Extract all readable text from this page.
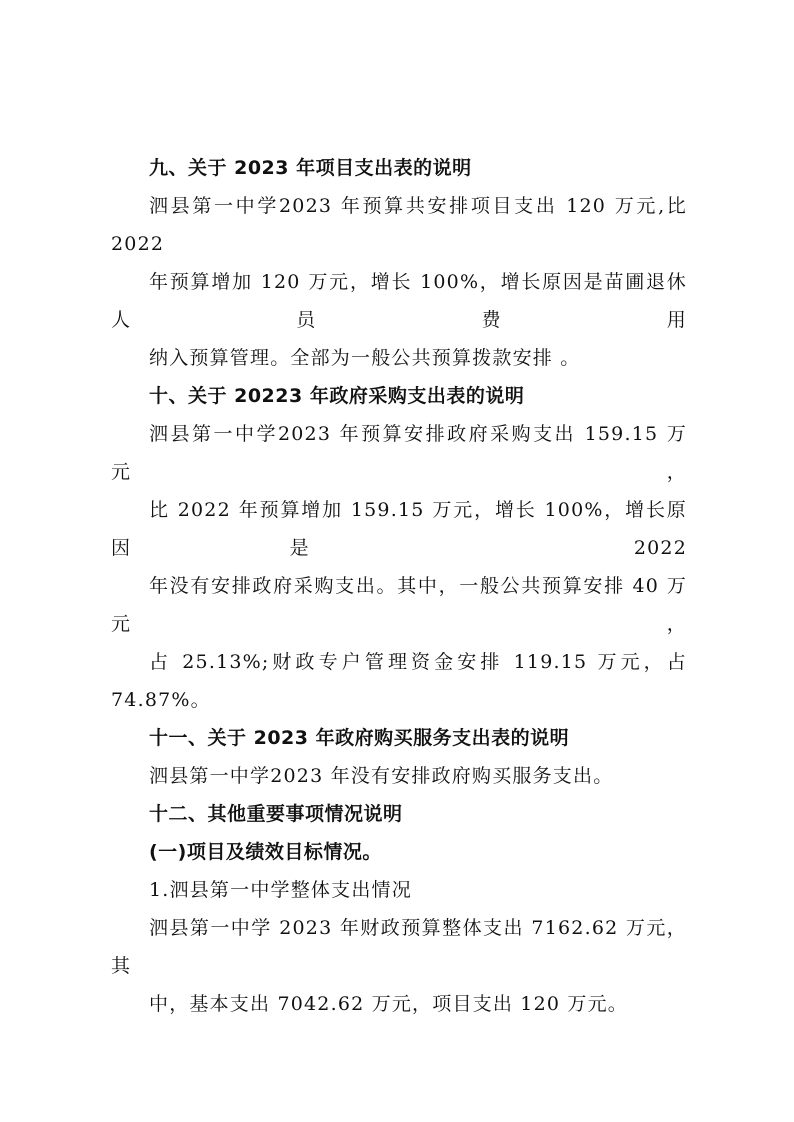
九、关于 2023 年项目支出表的说明
泗县第一中学2023 年预算共安排项目支出 120 万元,比 2022
年预算增加 120 万元，增长 100%，增长原因是苗圃退休人员费用
纳入预算管理。全部为一般公共预算拨款安排 。
十、关于 20223 年政府采购支出表的说明
泗县第一中学2023 年预算安排政府采购支出 159.15 万元，
比 2022 年预算增加 159.15 万元，增长 100%，增长原因是 2022
年没有安排政府采购支出。其中，一般公共预算安排 40 万元，
占 25.13%;财政专户管理资金安排 119.15 万元，占 74.87%。
十一、关于 2023 年政府购买服务支出表的说明
泗县第一中学2023 年没有安排政府购买服务支出。
十二、其他重要事项情况说明
(一)项目及绩效目标情况。
1.泗县第一中学整体支出情况
泗县第一中学 2023 年财政预算整体支出 7162.62 万元，其
中，基本支出 7042.62 万元，项目支出 120 万元。
